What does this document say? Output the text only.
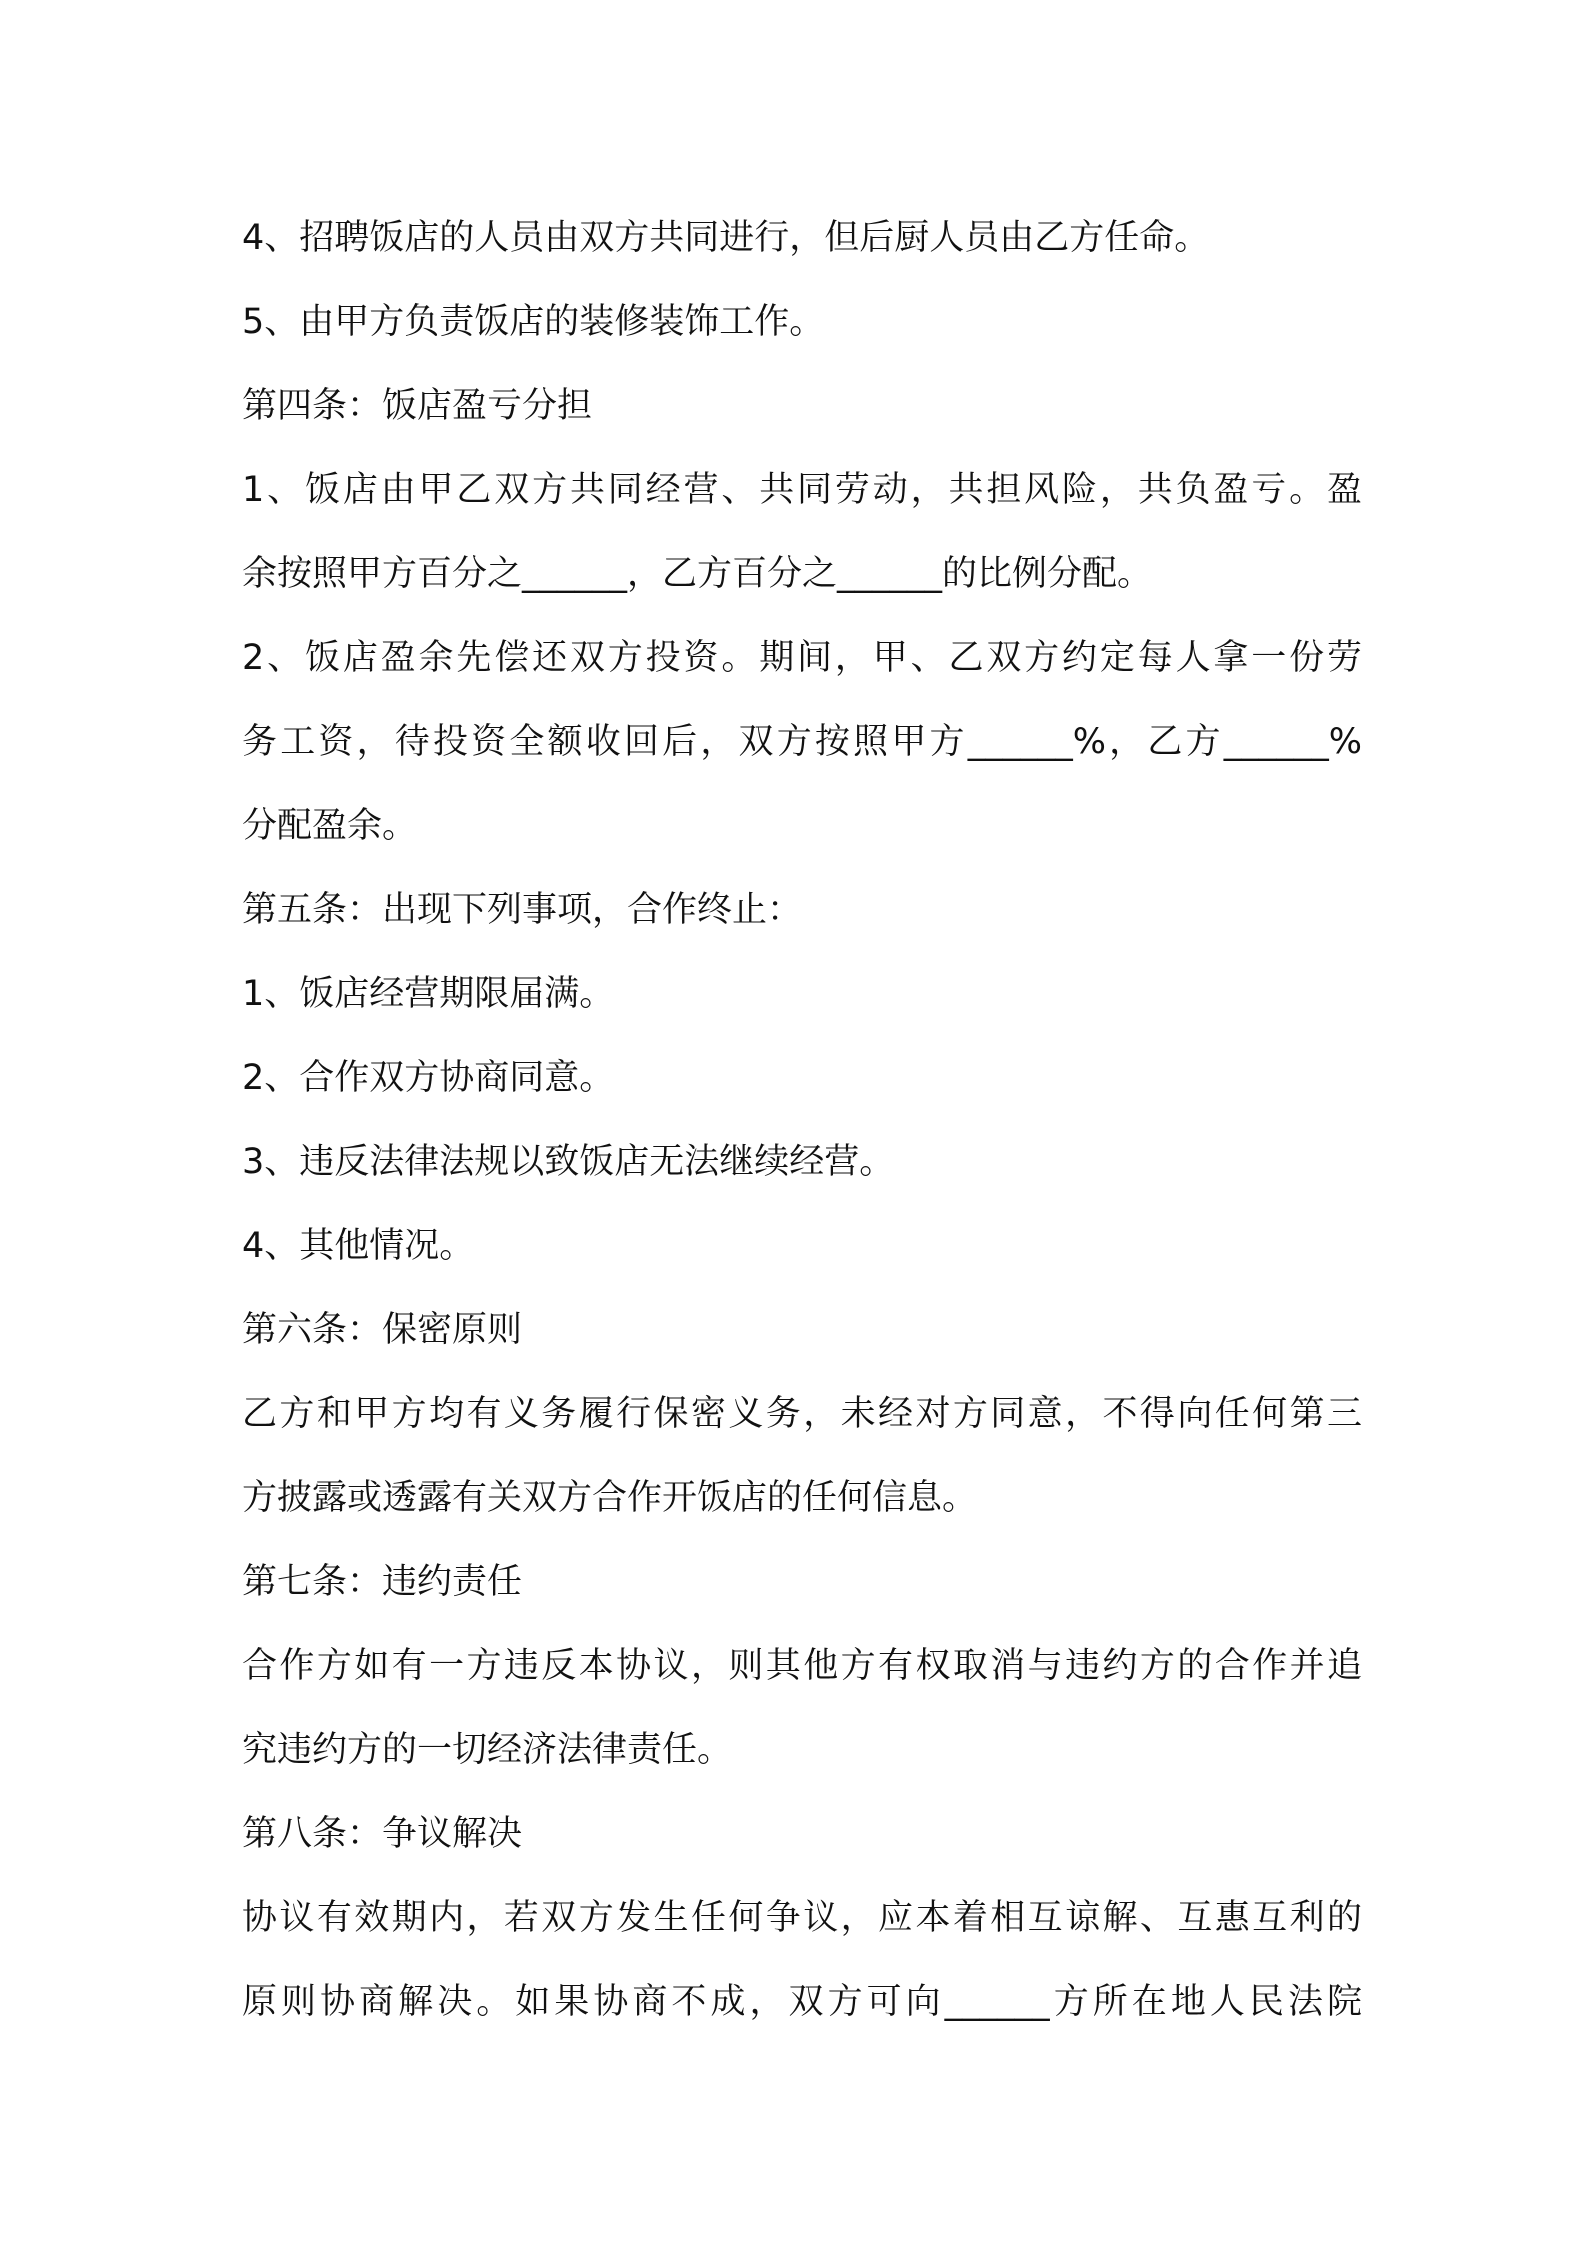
4、招聘饭店的人员由双方共同进行，但后厨人员由乙方任命。
5、由甲方负责饭店的装修装饰工作。
第四条：饭店盈亏分担
1、饭店由甲乙双方共同经营、共同劳动，共担风险，共负盈亏。盈
余按照甲方百分之______，乙方百分之______的比例分配。
2、饭店盈余先偿还双方投资。期间，甲、乙双方约定每人拿一份劳
务工资，待投资全额收回后，双方按照甲方______%，乙方______%
分配盈余。
第五条：出现下列事项，合作终止：
1、饭店经营期限届满。
2、合作双方协商同意。
3、违反法律法规以致饭店无法继续经营。
4、其他情况。
第六条：保密原则
乙方和甲方均有义务履行保密义务，未经对方同意，不得向任何第三
方披露或透露有关双方合作开饭店的任何信息。
第七条：违约责任
合作方如有一方违反本协议，则其他方有权取消与违约方的合作并追
究违约方的一切经济法律责任。
第八条：争议解决
协议有效期内，若双方发生任何争议，应本着相互谅解、互惠互利的
原则协商解决。如果协商不成，双方可向______方所在地人民法院
